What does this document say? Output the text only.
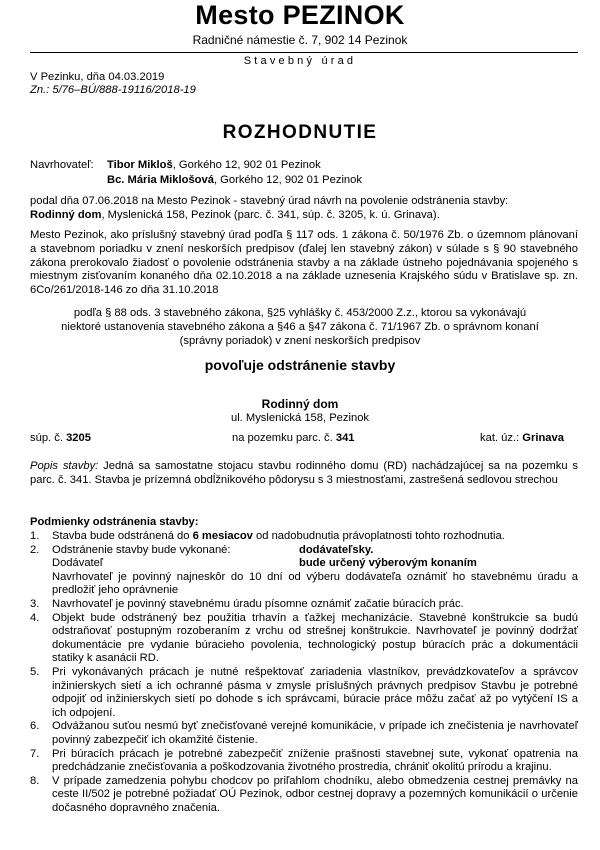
Mesto PEZINOK
Radničné námestie č. 7, 902 14 Pezinok
Stavebný úrad
V Pezinku, dňa 04.03.2019
Zn.: 5/76–BÚ/888-19116/2018-19
ROZHODNUTIE
Navrhovateľ: Tibor Mikloš, Gorkého 12, 902 01 Pezinok
Bc. Mária Miklošová, Gorkého 12, 902 01 Pezinok
podal dňa 07.06.2018 na Mesto Pezinok - stavebný úrad návrh na povolenie odstránenia stavby:
Rodinný dom, Myslenická 158, Pezinok (parc. č. 341, súp. č. 3205, k. ú. Grinava).
Mesto Pezinok, ako príslušný stavebný úrad podľa § 117 ods. 1 zákona č. 50/1976 Zb. o územnom plánovaní a stavebnom poriadku v znení neskorších predpisov (ďalej len stavebný zákon) v súlade s § 90 stavebného zákona prerokovalo žiadosť o povolenie odstránenia stavby a na základe ústneho pojednávania spojeného s miestnym zisťovaním konaného dňa 02.10.2018 a na základe uznesenia Krajského súdu v Bratislave sp. zn. 6Co/261/2018-146 zo dňa 31.10.2018
podľa § 88 ods. 3 stavebného zákona, §25 vyhlášky č. 453/2000 Z.z., ktorou sa vykonávajú
niektoré ustanovenia stavebného zákona a §46 a §47 zákona č. 71/1967 Zb. o správnom konaní
(správny poriadok) v znení neskorších predpisov
povoľuje odstránenie stavby
Rodinný dom
ul. Myslenická 158, Pezinok
súp. č. 3205	na pozemku parc. č. 341	kat. úz.: Grinava
Popis stavby: Jedná sa samostatne stojacu stavbu rodinného domu (RD) nachádzajúcej sa na pozemku s parc. č. 341. Stavba je prízemná obdĺžnikového pôdorysu s 3 miestnosťami, zastrešená sedlovou strechou
Podmienky odstránenia stavby:
1. Stavba bude odstránená do 6 mesiacov od nadobudnutia právoplatnosti tohto rozhodnutia.
2. Odstránenie stavby bude vykonané:	dodávateľsky.
Dodávateľ	bude určený výberovým konaním
Navrhovateľ je povinný najneskôr do 10 dní od výberu dodávateľa oznámiť ho stavebnému úradu a predložiť jeho oprávnenie
3. Navrhovateľ je povinný stavebnému úradu písomne oznámiť začatie búracích prác.
4. Objekt bude odstránený bez použitia trhavín a ťažkej mechanizácie. Stavebné konštrukcie sa budú odstraňovať postupným rozoberaním z vrchu od strešnej konštrukcie. Navrhovateľ je povinný dodržať dokumentácie pre vydanie búracieho povolenia, technologický postup búracích prác a dokumentácii statiky k asanácii RD.
5. Pri vykonávaných prácach je nutné rešpektovať zariadenia vlastníkov, prevádzkovateľov a správcov inžinierskych sietí a ich ochranné pásma v zmysle príslušných právnych predpisov Stavbu je potrebné odpojiť od inžinierskych sietí po dohode s ich správcami, búracie práce môžu začať až po vytýčení IS a ich odpojení.
6. Odvážanou suťou nesmú byť znečisťované verejné komunikácie, v prípade ich znečistenia je navrhovateľ povinný zabezpečiť ich okamžité čistenie.
7. Pri búracích prácach je potrebné zabezpečiť zníženie prašnosti stavebnej sute, vykonať opatrenia na predchádzanie znečisťovania a poškodzovania životného prostredia, chrániť okolitú prírodu a krajinu.
8. V prípade zamedzenia pohybu chodcov po priľahlom chodníku, alebo obmedzenia cestnej premávky na ceste II/502 je potrebné požiadať OÚ Pezinok, odbor cestnej dopravy a pozemných komunikácií o určenie dočasného dopravného značenia.
